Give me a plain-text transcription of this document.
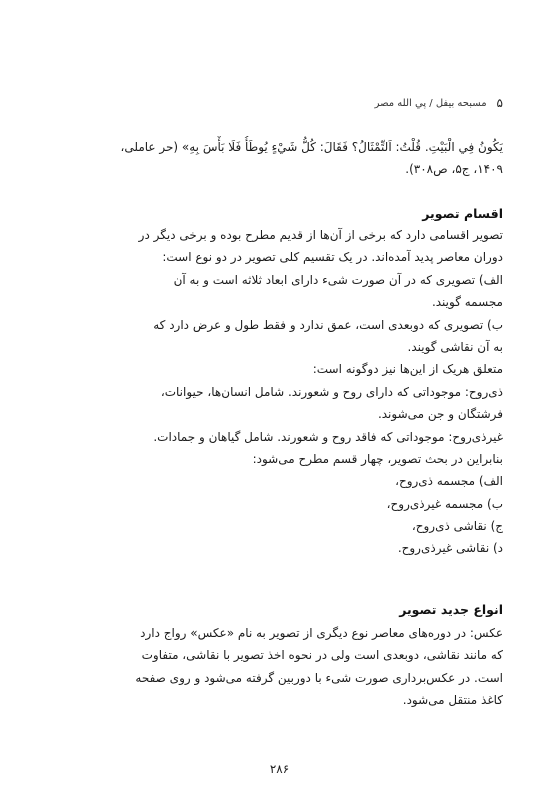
۵
مسبحه بيفل / پي الله مصر
يَكُونُ فِي الْبَيْتِ. قُلْتُ: اَلتِّمْثَالُ؟ فَقَالَ: كُلُّ شَيْءٍ يُوطَأُ فَلَا بَأْسَ بِهِ» (حر عاملی،
۱۴۰۹، ج۵، ص۳۰۸).
اقسام تصویر
تصویر اقسامی دارد که برخی از آن‌ها از قدیم مطرح بوده و برخی دیگر در
دوران معاصر پدید آمده‌اند. در یک تقسیم کلی تصویر در دو نوع است:
الف) تصویری که در آن صورت شیء دارای ابعاد ثلاثه است و به آن
مجسمه گویند.
ب) تصویری که دوبعدی است، عمق ندارد و فقط طول و عرض دارد که
به آن نقاشی گویند.
متعلق هریک از این‌ها نیز دوگونه است:
ذی‌روح: موجوداتی که دارای روح و شعورند. شامل انسان‌ها، حیوانات،
فرشتگان و جن می‌شوند.
غیرذی‌روح: موجوداتی که فاقد روح و شعورند. شامل گیاهان و جمادات.
بنابراین در بحث تصویر، چهار قسم مطرح می‌شود:
الف) مجسمه ذی‌روح،
ب) مجسمه غیرذی‌روح،
ج) نقاشی ذی‌روح،
د) نقاشی غیرذی‌روح.
انواع جدید تصویر
عکس: در دوره‌های معاصر نوع دیگری از تصویر به نام «عکس» رواج دارد
که مانند نقاشی، دوبعدی است ولی در نحوه اخذ تصویر با نقاشی، متفاوت
است. در عکس‌برداری صورت شیء با دوربین گرفته می‌شود و روی صفحه
کاغذ منتقل می‌شود.
۲۸۶
